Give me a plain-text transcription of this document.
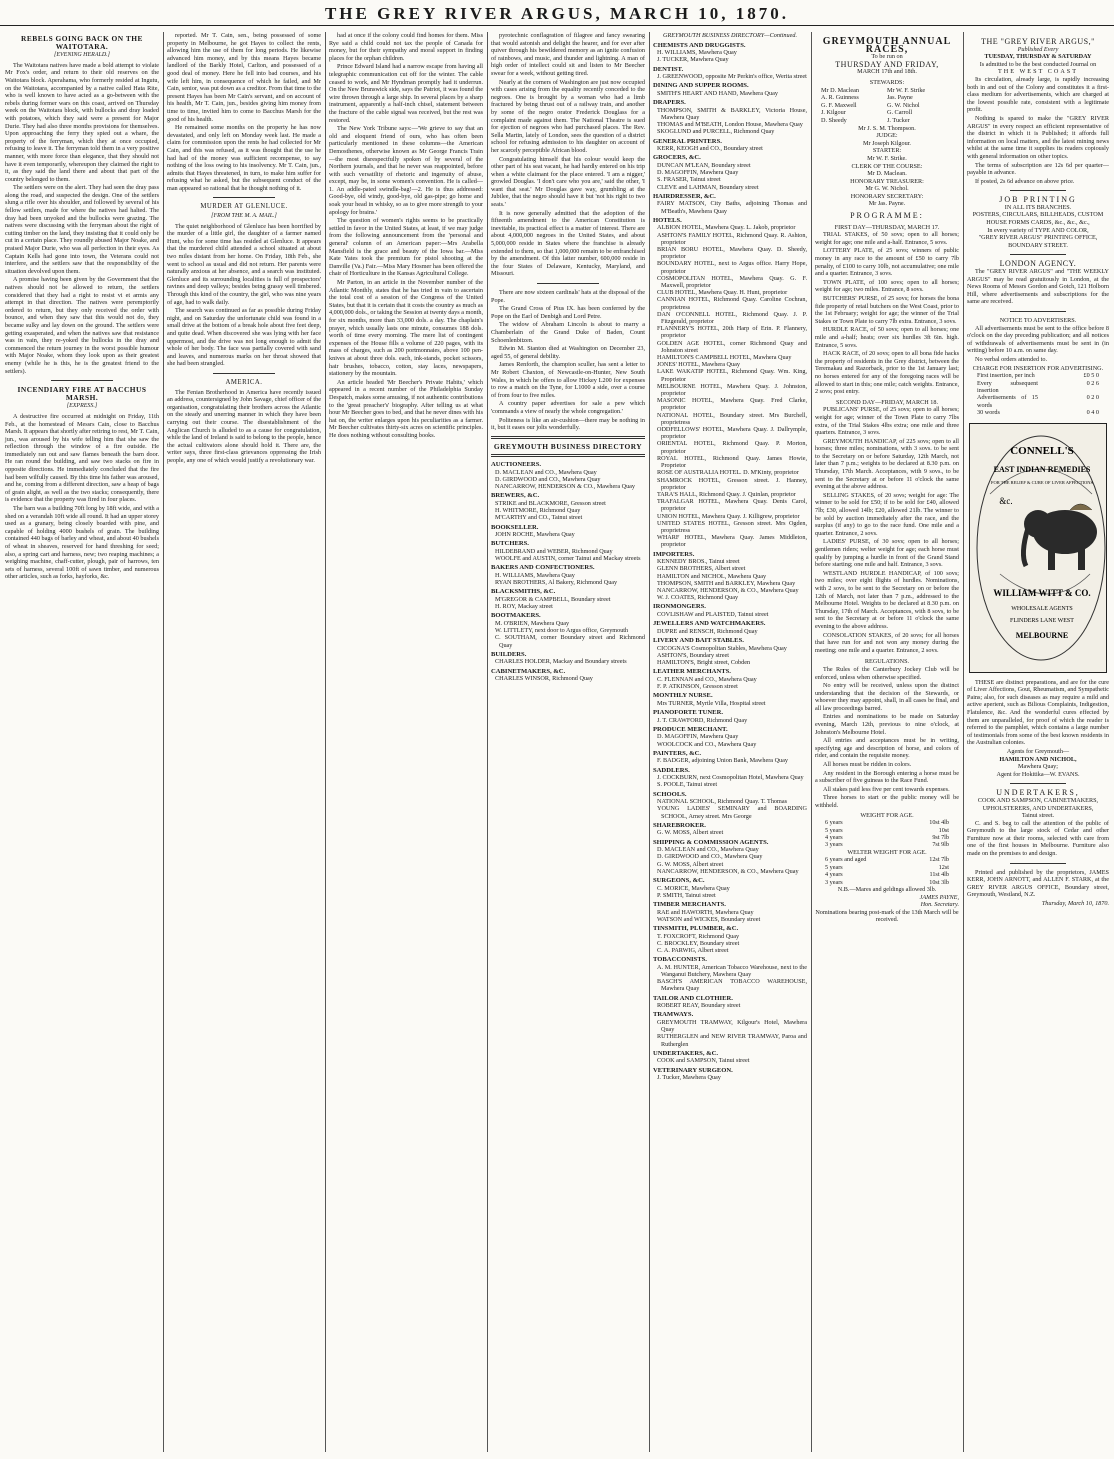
THE GREY RIVER ARGUS, MARCH 10, 1870.
REBELS GOING BACK ON THE WAITOTARA.
[EVENING HERALD.]

The Waitotara natives have made a bold attempt to violate Mr Fox's order, and return to their old reserves on the Waitotara block. Aperahama, who formerly resided at Ingutu, on the Waitotara, accompanied by a native called Hata Rite, who is well known to have acted as a go-between with the rebels during former wars on this coast, arrived on Thursday week on the Waitotara block, with bullocks and dray loaded with potatoes, which they said were a present for Major Durie. They had also three months provisions for themselves. Upon approaching the ferry they spied out a whare, the property of the ferryman, which they at once occupied, refusing to leave it. The ferryman told them in a very positive manner, with more force than elegance, that they should not have it even temporarily, whereupon they claimed the right to it, as they said the land there and about that part of the country belonged to them.

The settlers were on the alert. They had seen the dray pass along the road, and suspected the design. One of the settlers slung a rifle over his shoulder, and followed by several of his fellow settlers, made for where the natives had halted. The dray had been unyoked and the bullocks were grazing. The natives were discussing with the ferryman about the right of cutting timber on the land, they insisting that it could only be cut in a certain place. They roundly abused Major Noake, and praised Major Durie, who was all perfection in their eyes. As Captain Kells had gone into town, the Veterans could not interfere, and the settlers saw that the responsibility of the situation devolved upon them.

A promise having been given by the Government that the natives should not be allowed to return, the settlers considered that they had a right to resist vi et armis any attempt in that direction. The natives were peremptorily ordered to return, but they only received the order with bounce, and when they saw that this would not do, they became sulky and lay down on the ground. The settlers were getting exasperated, and when the natives saw that resistance was in vain, they re-yoked the bullocks in the dray and commenced the return journey in the worst possible humour with Major Noake, whom they look upon as their greatest enemy (while he is this, he is the greatest friend to the settlers).

INCENDIARY FIRE AT BACCHUS MARSH.
[EXPRESS.]

A destructive fire occurred at midnight on Friday, 11th Feb., at the homestead of Messrs Cain, close to Bacchus Marsh. It appears that shortly after retiring to rest, Mr T. Cain, jun., was aroused by his wife telling him that she saw the reflection through the window of a fire outside. He immediately ran out and saw flames beneath the barn door. He ran round the building, and saw two stacks on fire in opposite directions. He immediately concluded that the fire had been wilfully caused. By this time his father was aroused, and he, coming from a different direction, saw a heap of bags of grain alight, as well as the two stacks; consequently, there is evidence that the property was fired in four places.

The barn was a building 70ft long by 18ft wide, and with a shed on a verandah 10ft wide all round. It had an upper storey used as a granary, being closely boarded with pine, and capable of holding 4000 bushels of grain. The building contained 440 bags of barley and wheat, and about 40 bushels of wheat in sheaves, reserved for hand threshing for seed; also, a spring cart and harness, new; two reaping machines; a weighing machine, chaff-cutter, plough, pair of harrows, ten sets of harness, several 100ft of sawn timber, and numerous other articles, such as forks, hayforks, &c.

reported. Mr T. Cain, sen., being possessed of some property in Melbourne, he got Hayes to collect the rents, allowing him the use of them for long periods. He likewise advanced him money, and by this means Hayes became landlord of the Barkly Hotel, Carlton, and possessed of a good deal of money. Here he fell into bad courses, and his wife left him, in consequence of which he failed, and Mr Cain, senior, was put down as a creditor. From that time to the present Hayes has been Mr Cain's servant, and on account of his health, Mr T. Cain, jun., besides giving him money from time to time, invited him to come to Bacchus Marsh for the good of his health.

He remained some months on the property he has now devastated, and only left on Monday week last. He made a claim for commission upon the rents he had collected for Mr Cain, and this was refused, as it was thought that the use he had had of the money was sufficient recompense, to say nothing of the loss owing to his insolvency. Mr T. Cain, jun., admits that Hayes threatened, in turn, to make him suffer for refusing what he asked, but the subsequent conduct of the man appeared so rational that he thought nothing of it.

MURDER AT GLENLUCE.
[FROM THE M. A. MAIL.]

The quiet neighborhood of Glenluce has been horrified by the murder of a little girl, the daughter of a farmer named Hunt, who for some time has resided at Glenluce. It appears that the murdered child attended a school situated at about two miles distant from her home. On Friday, 18th Feb., she went to school as usual and did not return. Her parents were naturally anxious at her absence, and a search was instituted. Glenluce and its surrounding localities is full of prospectors' ravines and deep valleys; besides being grassy well timbered. Through this kind of the country, the girl, who was nine years of age, had to walk daily.

The search was continued as far as possible during Friday night, and on Saturday the unfortunate child was found in a small drive at the bottom of a break hole about five feet deep, and quite dead. When discovered she was lying with her face uppermost, and the drive was not long enough to admit the whole of her body. The face was partially covered with sand and leaves, and numerous marks on her throat showed that she had been strangled.

AMERICA.

The Fenian Brotherhood in America have recently issued an address, countersigned by John Savage, chief officer of the organisation, congratulating their brothers across the Atlantic on the steady and unerring manner in which they have been carrying out their course. The disestablishment of the Anglican Church is alluded to as a cause for congratulation, while the land of Ireland is said to belong to the people, hence the actual cultivators alone should hold it. There are, the writer says, three first-class grievances oppressing the Irish people, any one of which would justify a revolutionary war.

had at once if the colony could find homes for them. Miss Rye said a child could not tax the people of Canada for money, but for their sympathy and moral support in finding places for the orphan children.

Prince Edward Island had a narrow escape from having all telegraphic communication cut off for the winter. The cable ceased to work, and Mr Hyndman promptly had it underrun. On the New Brunswick side, says the Patriot, it was found the wire thrown through a large ship. In several places by a sharp instrument, apparently a half-inch chisel, statement between the fracture of the cable signal was received, but the rest was restored.

The New York Tribune says:—'We grieve to say that an old and eloquent friend of ours, who has often been particularly mentioned in these columns—the American Demosthenes, otherwise known as Mr George Francis Train—the most disrespectfully spoken of by several of the Northern journals, and that he never was reappointed, before with such versatility of rhetoric and ingenuity of abuse, except, may be, in some women's convention. He is called—1. An addle-pated swindle-bag!—2. He is thus addressed: Good-bye, old windy, good-bye, old gas-pipe; go home and soak your head in whisky, so as to give more strength to your apology for brains.'

The question of women's rights seems to be practically settled in favor in the United States, at least, if we may judge from the following announcement from the 'personal and general' column of an American paper:—Mrs Arabella Mansfield is the grace and beauty of the Iowa bar.—Miss Kate Yates took the premium for pistol shooting at the Danville (Va.) Fair.—Miss Mary Hosmer has been offered the chair of Horticulture in the Kansas Agricultural College.

Mr Parton, in an article in the November number of the Atlantic Monthly, states that he has tried in vain to ascertain the total cost of a session of the Congress of the United States, but that it is certain that it costs the country as much as 4,000,000 dols., or taking the Session at twenty days a month, for six months, more than 33,000 dols. a day. The chaplain's prayer, which usually lasts one minute, consumes 188 dols. worth of time every morning. The mere list of contingent expenses of the House fills a volume of 220 pages, with its mass of charges, such as 200 portmonnaies, above 100 pen-knives at about three dols. each, ink-stands, pocket scissors, hair brushes, tobacco, cotton, stay laces, newspapers, stationery by the mountain.

An article headed 'Mr Beecher's Private Habits,' which appeared in a recent number of the Philadelphia Sunday Despatch, makes some amusing, if not authentic contributions to the 'great preacher's' biography. After telling us at what hour Mr Beecher goes to bed, and that he never dines with his hat on, the writer enlarges upon his peculiarities as a farmer. Mr Beecher cultivates thirty-six acres on scientific principles. He does nothing without consulting books.

pyrotechnic conflagration of filagree and fancy swearing that would astonish and delight the hearer, and for ever after quiver through his bewildered memory as an ignite confusion of rainbows, and music, and thunder and lightning. A man of high order of intellect could sit and listen to Mr Beecher swear for a week, without getting tired.

Nearly at the corners of Washington are just now occupied with cases arising from the equality recently conceded to the negroes. One is brought by a woman who had a limb fractured by being thrust out of a railway train, and another by some of the negro orator Frederick Douglass for a complaint made against them. The National Theatre is sued for ejection of negroes who had purchased places. The Rev. Sella Martin, lately of London, sees the question of a district school for refusing admission to his daughter on account of her scarcely perceptible African blood.

Congratulating himself that his colour would keep the other part of his seat vacant, he had hardly entered on his trip when a white claimant for the place entered. 'I am a nigger,' growled Douglas. 'I don't care who you are,' said the other, 'I want that seat.' Mr Douglas gave way, grumbling at the Jubilee, that the negro should have it but 'not his right to two seats.'

It is now generally admitted that the adoption of the fifteenth amendment to the American Constitution is inevitable, its practical effect is a matter of interest. There are about 4,000,000 negroes in the United States, and about 5,000,000 reside in States where the franchise is already extended to them, so that 1,000,000 remain to be enfranchised by the amendment. Of this latter number, 600,000 reside in the four States of Delaware, Kentucky, Maryland, and Missouri.

There are now sixteen cardinals' hats at the disposal of the Pope.

The Grand Cross of Pius IX. has been conferred by the Pope on the Earl of Denbigh and Lord Petre.

The widow of Abraham Lincoln is about to marry a Chamberlain of the Grand Duke of Baden, Count Schoenlenbitzen.

Edwin M. Stanton died at Washington on December 23, aged 55, of general debility.

James Renforth, the champion sculler, has sent a letter to Mr Robert Chaxton, of Newcastle-on-Hunter, New South Wales, in which he offers to allow Hickey L200 for expenses to row a match on the Tyne, for L1000 a side, over a course of from four to five miles.

A country paper advertises for sale a pew which 'commands a view of nearly the whole congregation.'

Politeness is like an air-cushion—there may be nothing in it, but it eases our jolts wonderfully.

GREYMOUTH BUSINESS DIRECTORY
AUCTIONEERS.
D. MACLEAN and CO., Mawhera Quay
D. GIRDWOOD and CO., Mawhera Quay
NANCARROW, HENDERSON & CO., Mawhera Quay
BREWERS, &C.
STRIKE and BLACKMORE, Gresson street
H. WHITMORE, Richmond Quay
M'CARTHY and CO., Tainui street
BOOKSELLER.
JOHN ROCHE, Mawhera Quay
BUTCHERS.
HILDEBRAND and WEBER, Richmond Quay
WOOLFE and AUSTIN, corner Tainui and Mackay streets
BAKERS AND CONFECTIONERS.
H. WILLIAMS, Mawhera Quay
RYAN BROTHERS, Al Bakery, Richmond Quay
BLACKSMITHS, &C.
M'GREGOR & CAMPBELL, Boundary street
H. ROY, Mackay street
BOOTMAKERS.
M. O'BRIEN, Mawhera Quay
W. LITTLETY, next door to Argus office, Greymouth
C. SOUTHAM, corner Boundary street and Richmond Quay
BUILDERS.
CHARLES HOLDER, Mackay and Boundary streets
CABINETMAKERS, &C.
CHARLES WINSOR, Richmond Quay
GREYMOUTH BUSINESS DIRECTORY—Continued.
CHEMISTS AND DRUGGISTS.
H. WILLIAMS, Mawhera Quay
J. TUCKER, Mawhera Quay
DENTIST.
J. GREENWOOD, opposite Mr Perkin's office, Werita street
DINING AND SUPPER ROOMS.
SMITH'S HEART AND HAND, Mawhera Quay
DRAPERS.
THOMPSON, SMITH & BARKLEY, Victoria House, Mawhera Quay
THOMAS and M'BEATH, London House, Mawhera Quay
SKOGLUND and PURCELL, Richmond Quay
GENERAL PRINTERS.
KERR, KEOGH and CO., Boundary street
GROCERS, &C.
DUNCAN M'LEAN, Boundary street
D. MAGOFFIN, Mawhera Quay
S. FRASER, Tainui street
CLEVE and LAHMAN, Boundary street
HAIRDRESSER, &C.
FAIRY MATSON, City Baths, adjoining Thomas and M'Beath's, Mawhera Quay
HOTELS.
ALBION HOTEL, Mawhera Quay. L. Jakob, proprietor
ASHTON'S FAMILY HOTEL, Richmond Quay. R. Ashton, proprietor
BRIAN BORU HOTEL, Mawhera Quay. D. Sheedy, proprietor
BOUNDARY HOTEL, next to Argus office. Harry Hope, proprietor
COSMOPOLITAN HOTEL, Mawhera Quay. G. F. Maxwell, proprietor
CLUB HOTEL, Mawhera Quay. H. Hunt, proprietor
CANNIAN HOTEL, Richmond Quay. Caroline Cochran, proprietress
DAN O'CONNELL HOTEL, Richmond Quay. J. P. Fitzgerald, proprietor
FLANNERY'S HOTEL, 20th Harp of Erin. P. Flannery, proprietor
GOLDEN AGE HOTEL, corner Richmond Quay and Johnston street
HAMILTON'S CAMPBELL HOTEL, Mawhera Quay
JONES' HOTEL, Mawhera Quay
LAKE WAKATIP HOTEL, Richmond Quay. Wm. King, Proprietor
MELBOURNE HOTEL, Mawhera Quay. J. Johnston, proprietor
MASONIC HOTEL, Mawhera Quay. Fred Clarke, proprietor
NATIONAL HOTEL, Boundary street. Mrs Burchell, proprietress
ODDFELLOWS' HOTEL, Mawhera Quay. J. Dallrymple, proprietor
ORIENTAL HOTEL, Richmond Quay. P. Morton, proprietor
ROYAL HOTEL, Richmond Quay. James Howie, Proprietor
ROSE OF AUSTRALIA HOTEL. D. M'Kinty, proprietor
SHAMROCK HOTEL, Gresson street. J. Hanney, proprietor
TARA'S HALL, Richmond Quay. J. Quinlan, proprietor
TRAFALGAR HOTEL, Mawhera Quay. Denis Carol, proprietor
UNION HOTEL, Mawhera Quay. J. Killigrew, proprietor
UNITED STATES HOTEL, Gresson street. Mrs Ogden, proprietress
WHARF HOTEL, Mawhera Quay. James Middleton, proprietor
IMPORTERS.
KENNEDY BROS., Tainui street
GLENN BROTHERS, Albert street
HAMILTON and NICHOL, Mawhera Quay
THOMPSON, SMITH and BARKLEY, Mawhera Quay
NANCARROW, HENDERSON, & CO., Mawhera Quay
W. J. COATES, Richmond Quay
IRONMONGERS.
COVLISHAW and PLAISTED, Tainui street
JEWELLERS AND WATCHMAKERS.
DUPRE and RENSCH, Richmond Quay
LIVERY AND BAIT STABLES.
CICOGNA'S Cosmopolitan Stables, Mawhera Quay
ASHTON'S, Boundary street
HAMILTON'S, Bright street, Cobden
LEATHER MERCHANTS.
C. FLENNAN and CO., Mawhera Quay
F. P. ATKINSON, Gresson street
MONTHLY NURSE.
Mrs TURNER, Myrtle Villa, Hospital street
PIANOFORTE TUNER.
J. T. CRAWFORD, Richmond Quay
PRODUCE MERCHANT.
D. MAGOFFIN, Mawhera Quay
WOOLCOCK and CO., Mawhera Quay
PAINTERS, &C.
F. BADGER, adjoining Union Bank, Mawhera Quay
SADDLERS.
J. COCKBURN, next Cosmopolitan Hotel, Mawhera Quay
S. POOLE, Tainui street
SCHOOLS.
NATIONAL SCHOOL, Richmond Quay. T. Thomas
YOUNG LADIES' SEMINARY and BOARDING SCHOOL, Arney street. Mrs George
SHAREBROKER.
G. W. MOSS, Albert street
SHIPPING & COMMISSION AGENTS.
D. MACLEAN and CO., Mawhera Quay
D. GIRDWOOD and CO., Mawhera Quay
G. W. MOSS, Albert street
NANCARROW, HENDERSON, & CO., Mawhera Quay
SURGEONS, &C.
C. MORICE, Mawhera Quay
P. SMITH, Tainui street
TIMBER MERCHANTS.
RAE and HAWORTH, Mawhera Quay
WATSON and WICKES, Boundary street
TINSMITH, PLUMBER, &C.
T. FOXCROFT, Richmond Quay
C. BROCKLEY, Boundary street
C. A. PARWIG, Albert street
TOBACCONISTS.
A. M. HUNTER, American Tobacco Warehouse, next to the Wanganui Butchery, Mawhera Quay
BASCH'S AMERICAN TOBACCO WAREHOUSE, Mawhera Quay
TAILOR AND CLOTHIER.
ROBERT REAY, Boundary street
TRAMWAYS.
GREYMOUTH TRAMWAY, Kilgour's Hotel, Mawhera Quay
RUTHERGLEN and NEW RIVER TRAMWAY, Paroa and Rutherglen
UNDERTAKERS, &C.
COOK and SAMPSON, Tainui street
VETERINARY SURGEON.
J. Tucker, Mawhera Quay
GREYMOUTH ANNUAL RACES,
To be run on
THURSDAY AND FRIDAY,
MARCH 17th and 18th.
STEWARDS:
Mr D. Maclean
A. R. Guinness
G. F. Maxwell
J. Kilgour
D. Sheedy
Mr W. F. Strike
Jas. Payne
G. W. Nichol
G. Carroll
J. Tucker
Mr J. S. M. Thompson.
JUDGE:
Mr Joseph Kilgour.
STARTER:
Mr W. F. Strike.
CLERK OF THE COURSE:
Mr D. Maclean.
HONORARY TREASURER:
Mr G. W. Nichol.
HONORARY SECRETARY:
Mr Jas. Payne.
PROGRAMME:
FIRST DAY—THURSDAY, MARCH 17.

TRIAL STAKES, of 50 sovs; open to all horses; weight for age; one mile and a-half. Entrance, 5 sovs.

LOTTERY PLATE, of 25 sovs; winners of public money in any race to the amount of £50 to carry 7lb penalty, of £100 to carry 10lb, not accumulative; one mile and a quarter. Entrance, 3 sovs.

TOWN PLATE, of 100 sovs; open to all horses; weight for age; two miles. Entrance, 8 sovs.

BUTCHERS' PURSE, of 25 sovs; for horses the bona fide property of retail butchers on the West Coast, prior to the 1st February; weight for age; the winner of the Trial Stakes or Town Plate to carry 7lb extra. Entrance, 3 sovs.

HURDLE RACE, of 50 sovs; open to all horses; one mile and a-half; heats; over six hurdles 3ft 6in. high. Entrance, 5 sovs.

HACK RACE, of 20 sovs; open to all bona fide hacks the property of residents in the Grey district, between the Teremakau and Razorback, prior to the 1st January last; no horses entered for any of the foregoing races will be allowed to start in this; one mile; catch weights. Entrance, 2 sovs; post entry.

SECOND DAY—FRIDAY, MARCH 18.

PUBLICANS' PURSE, of 25 sovs; open to all horses; weight for age; winner of the Town Plate to carry 7lbs extra, of the Trial Stakes 4lbs extra; one mile and three quarters. Entrance, 3 sovs.

GREYMOUTH HANDICAP, of 225 sovs; open to all horses; three miles; nominations, with 3 sovs. to be sent to the Secretary on or before Saturday, 12th March, not later than 7 p.m.; weights to be declared at 8.30 p.m. on Thursday, 17th March. Acceptances, with 9 sovs., to be sent to the Secretary at or before 11 o'clock the same evening at the above address.

SELLING STAKES, of 20 sovs; weight for age: The winner to be sold for £50; if to be sold for £40, allowed 7lb; £30, allowed 14lb; £20, allowed 21lb. The winner to be sold by auction immediately after the race, and the surplus (if any) to go to the race fund. One mile and a quarter. Entrance, 2 sovs.

LADIES' PURSE, of 30 sovs; open to all horses; gentlemen riders; welter weight for age; each horse must qualify by jumping a hurdle in front of the Grand Stand before starting; one mile and half. Entrance, 3 sovs.

WESTLAND HURDLE HANDICAP, of 100 sovs; two miles; over eight flights of hurdles. Nominations, with 2 sovs, to be sent to the Secretary on or before the 12th of March, not later than 7 p.m., addressed to the Melbourne Hotel. Weights to be declared at 8.30 p.m. on Thursday, 17th of March. Acceptances, with 8 sovs, to be sent to the Secretary at or before 11 o'clock the same evening to the above address.

CONSOLATION STAKES, of 20 sovs; for all horses that have run for and not won any money during the meeting; one mile and a quarter. Entrance, 2 sovs.

REGULATIONS.

The Rules of the Canterbury Jockey Club will be enforced, unless when otherwise specified.

No entry will be received, unless upon the distinct understanding that the decision of the Stewards, or whoever they may appoint, shall, in all cases be final, and all law proceedings barred.

Entries and nominations to be made on Saturday evening, March 12th, previous to nine o'clock, at Johnston's Melbourne Hotel.

All entries and acceptances must be in writing, specifying age and description of horse, and colors of rider, and contain the requisite money.

All horses must be ridden in colors.

Any resident in the Borough entering a horse must be a subscriber of five guineas to the Race Fund.

All stakes paid less five per cent towards expenses.

Three horses to start or the public money will be withheld.

WEIGHT FOR AGE.
6 years	10st 4lb
5 years	10st
4 years	9st 7lb
3 years	7st 9lb
WELTER WEIGHT FOR AGE.
6 years and aged	12st 7lb
5 years	12st
4 years	11st 4lb
3 years	10st 3lb
N.B.—Mares and geldings allowed 3lb.
JAMES PAYNE,
Hon. Secretary.
Nominations bearing post-mark of the 13th March will be received.
THE "GREY RIVER ARGUS,"
Published Every
TUESDAY, THURSDAY & SATURDAY
Is admitted to be the best conducted Journal on
THE WEST COAST

Its circulation, already large, is rapidly increasing both in and out of the Colony and constitutes it a first-class medium for advertisements, which are charged at the lowest possible rate, consistent with a legitimate profit.

Nothing is spared to make the "GREY RIVER ARGUS" in every respect an efficient representative of the district in which it is Published; it affords full information on local matters, and the latest mining news whilst at the same time it supplies its readers copiously with general information on other topics.

The terms of subscription are 12s 6d per quarter—payable in advance.

If posted, 2s 6d advance on above price.

JOB PRINTING
IN ALL ITS BRANCHES.
POSTERS, CIRCULARS, BILLHEADS, CUSTOM HOUSE FORMS CARDS, &c., &c., &c.,
In every variety of TYPE AND COLOR,
"GREY RIVER ARGUS" PRINTING OFFICE, BOUNDARY STREET.
LONDON AGENCY.

The "GREY RIVER ARGUS" and "THE WEEKLY ARGUS" may be read gratuitously in London, at the News Rooms of Messrs Gordon and Gotch, 121 Holborn Hill, where advertisements and subscriptions for the same are received.

NOTICE TO ADVERTISERS.

All advertisements must be sent to the office before 8 o'clock on the day preceding publication; and all notices of withdrawals of advertisements must be sent in (in writing) before 10 a.m. on same day.

No verbal orders attended to.

CHARGE FOR INSERTION FOR ADVERTISING.
First insertion, per inch	£0 5 0
Every subsequent insertion
0 2 6
Advertisements of 15 words
0 2 0
30 words	0 4 0
CONNELL'S
EAST INDIAN REMEDIES
FOR THE RELIEF & CURE OF LIVER AFFECTIONS
&c.
WILLIAM WITT & CO.
WHOLESALE AGENTS
FLINDERS LANE WEST
MELBOURNE

THESE are distinct preparations, and are for the cure of Liver Affections, Gout, Rheumatism, and Sympathetic Pains; also, for such diseases as may require a mild and active aperient, such as Bilious Complaints, Indigestion, Flatulence, &c. And the wonderful cures effected by them are unparalleled, for proof of which the reader is referred to the pamphlet, which contains a large number of testimonials from some of the best known residents in the Australian colonies.

Agents for Greymouth—
HAMILTON AND NICHOL,
Mawhera Quay;
Agent for Hokitika—W. EVANS.
UNDERTAKERS,
COOK AND SAMPSON, CABINETMAKERS, UPHOLSTERERS, AND UNDERTAKERS,
Tainui street.

C. and S. beg to call the attention of the public of Greymouth to the large stock of Cedar and other Furniture now at their rooms, selected with care from one of the first houses in Melbourne. Furniture also made on the premises to and design.

Printed and published by the proprietors, JAMES KERR, JOHN ARNOTT, and ALLEN F. STARK, at the GREY RIVER ARGUS OFFICE, Boundary street, Greymouth, Westland, N.Z.

Thursday, March 10, 1870.
